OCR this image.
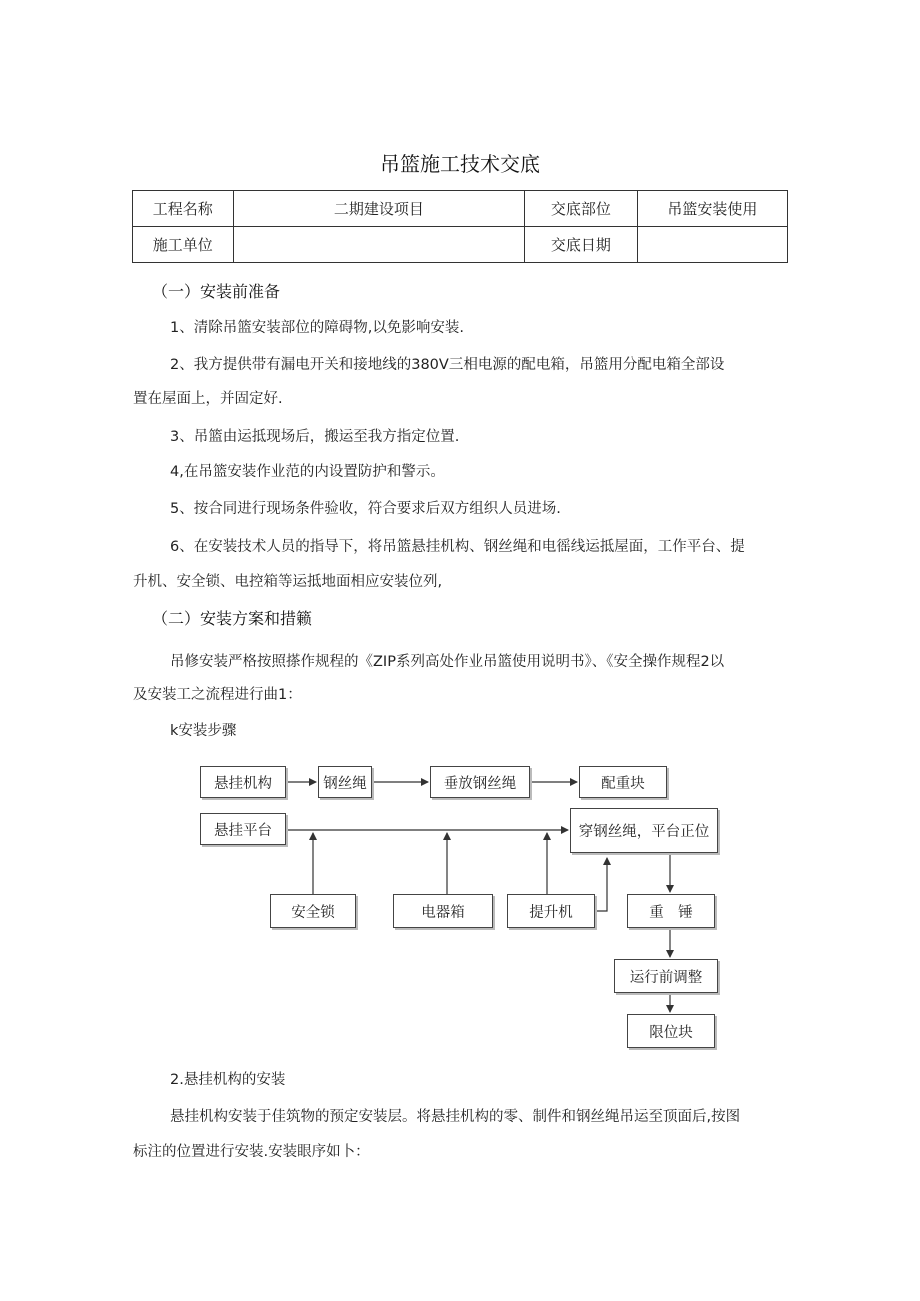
吊篮施工技术交底
工程名称	二期建设项目	交底部位	吊篮安装使用
施工单位		交底日期	
（一）安装前准备
1、清除吊篮安装部位的障碍物,以免影响安装.
2、我方提供带有漏电开关和接地线的380V三相电源的配电箱，吊篮用分配电箱全部设
置在屋面上，并固定好.
3、吊篮由运抵现场后，搬运至我方指定位置.
4,在吊篮安装作业范的内设置防护和警示。
5、按合同进行现场条件验收，符合要求后双方组织人员进场.
6、在安装技术人员的指导下，将吊篮悬挂机构、钢丝绳和电徭线运抵屋面，工作平台、提
升机、安全锁、电控箱等运抵地面相应安装位列,
（二）安装方案和措籁
吊修安装严格按照搽作规程的《ZIP系列高处作业吊篮使用说明书》、《安全操作规程2以
及安装工之流程进行曲1：
k安装步骤
悬挂机构	钢丝绳	垂放钢丝绳	配重块
悬挂平台	穿钢丝绳，平台正位
安全锁	电器箱	提升机	重　锤
运行前调整
限位块
2.悬挂机构的安装
悬挂机构安装于佳筑物的预定安装层。将悬挂机构的零、制件和钢丝绳吊运至顶面后,按图
标注的位置进行安装.安装眼序如卜：
